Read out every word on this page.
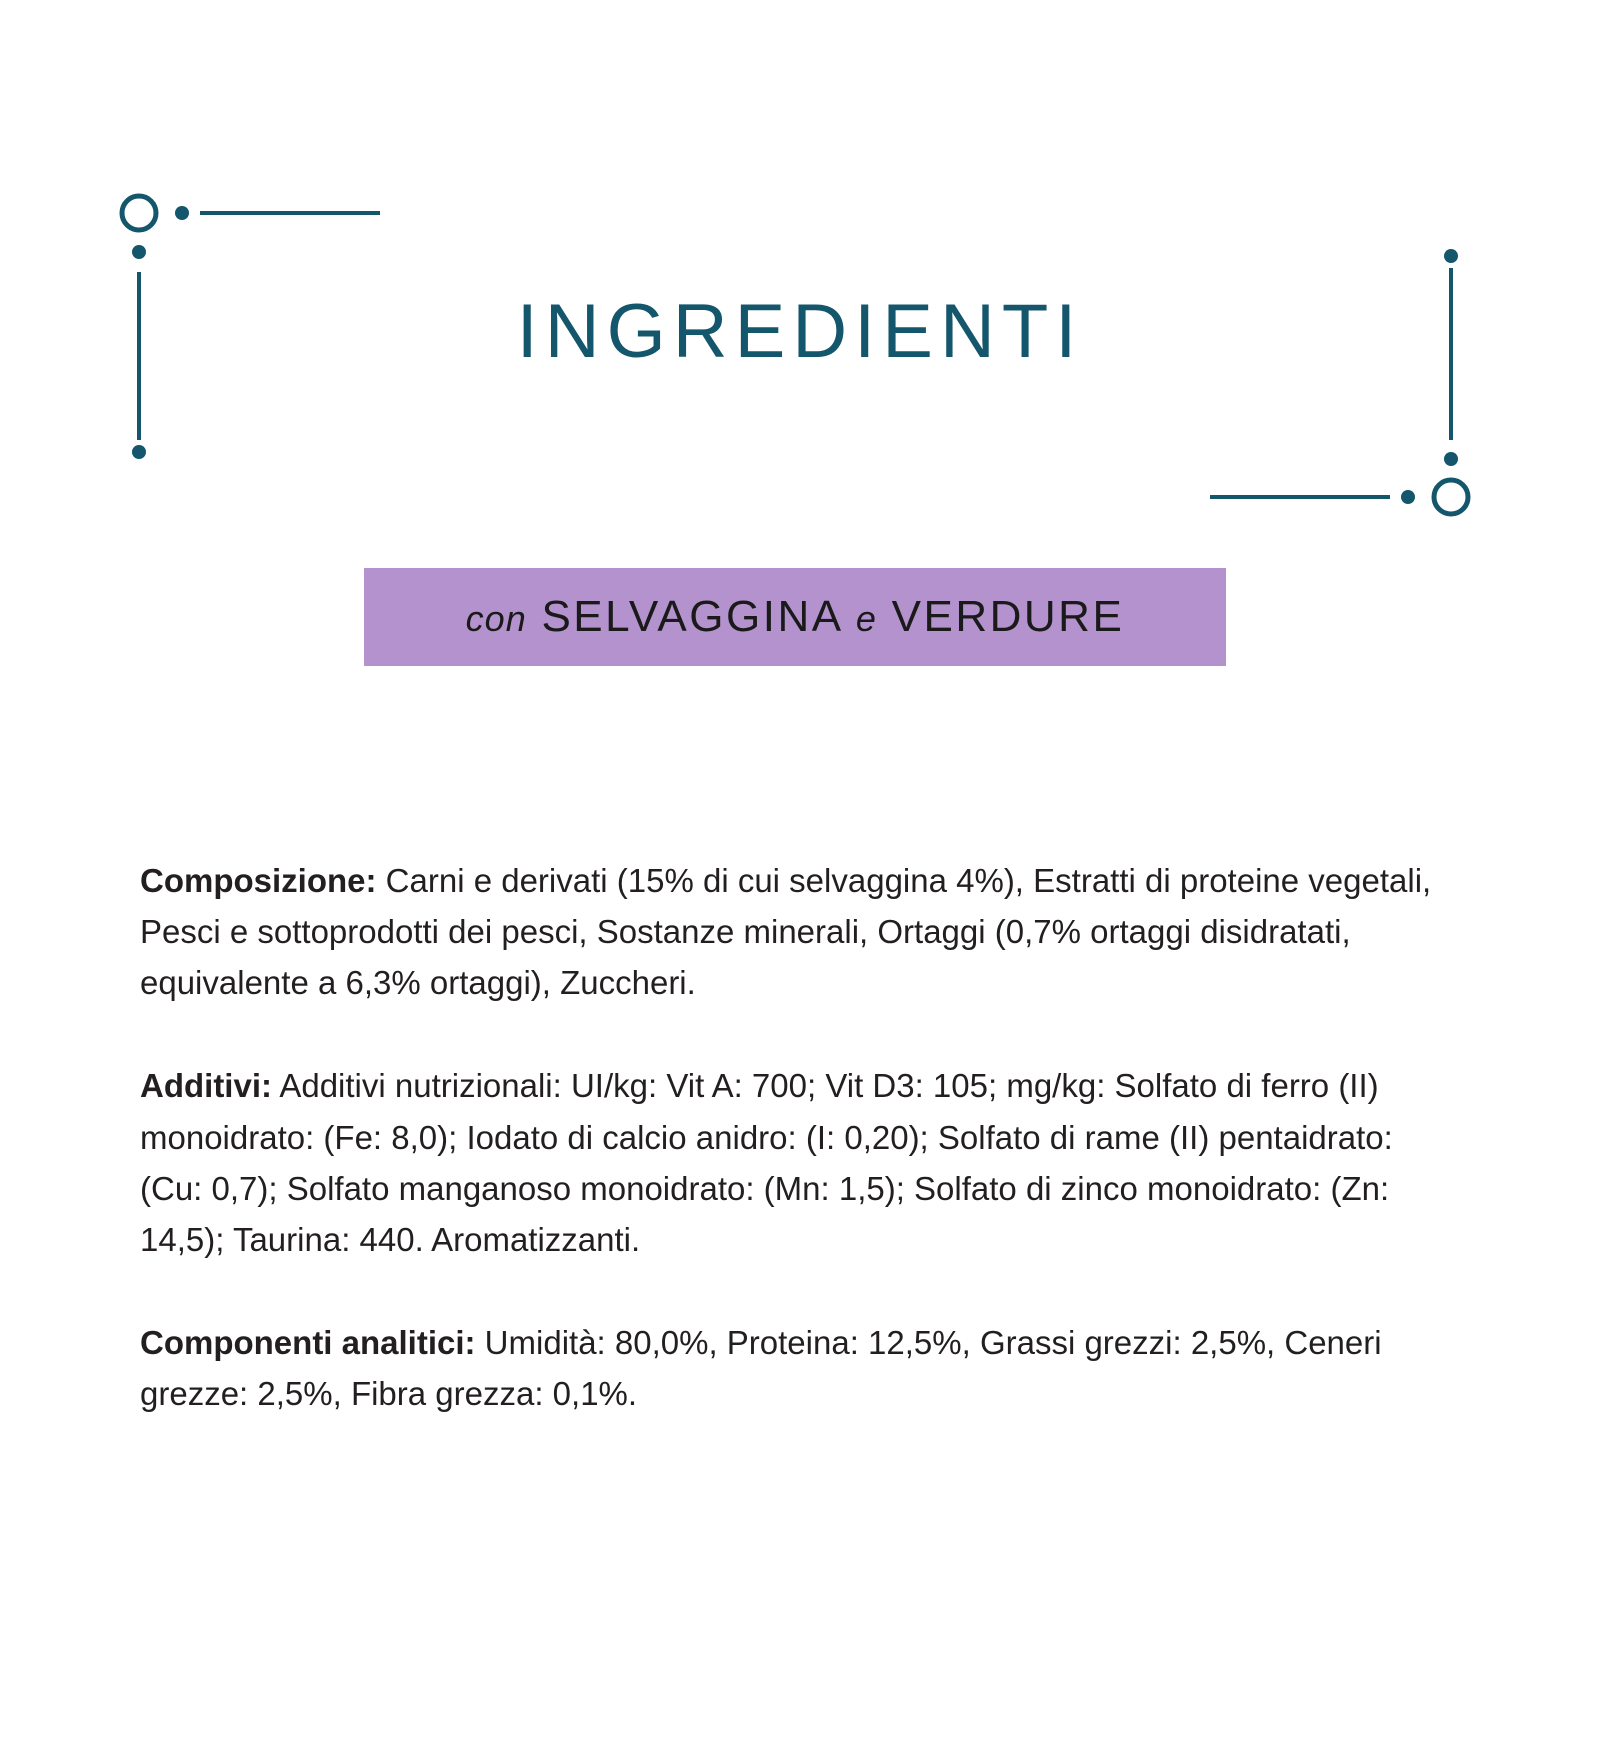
INGREDIENTI
con SELVAGGINA e VERDURE

Composizione: Carni e derivati (15% di cui selvaggina 4%), Estratti di proteine vegetali, Pesci e sottoprodotti dei pesci, Sostanze minerali, Ortaggi (0,7% ortaggi disidratati, equivalente a 6,3% ortaggi), Zuccheri.

Additivi: Additivi nutrizionali: UI/kg: Vit A: 700; Vit D3: 105; mg/kg: Solfato di ferro (II) monoidrato: (Fe: 8,0); Iodato di calcio anidro: (I: 0,20); Solfato di rame (II) pentaidrato: (Cu: 0,7); Solfato manganoso monoidrato: (Mn: 1,5); Solfato di zinco monoidrato: (Zn: 14,5); Taurina: 440. Aromatizzanti.

Componenti analitici: Umidità: 80,0%, Proteina: 12,5%, Grassi grezzi: 2,5%, Ceneri grezze: 2,5%, Fibra grezza: 0,1%.
